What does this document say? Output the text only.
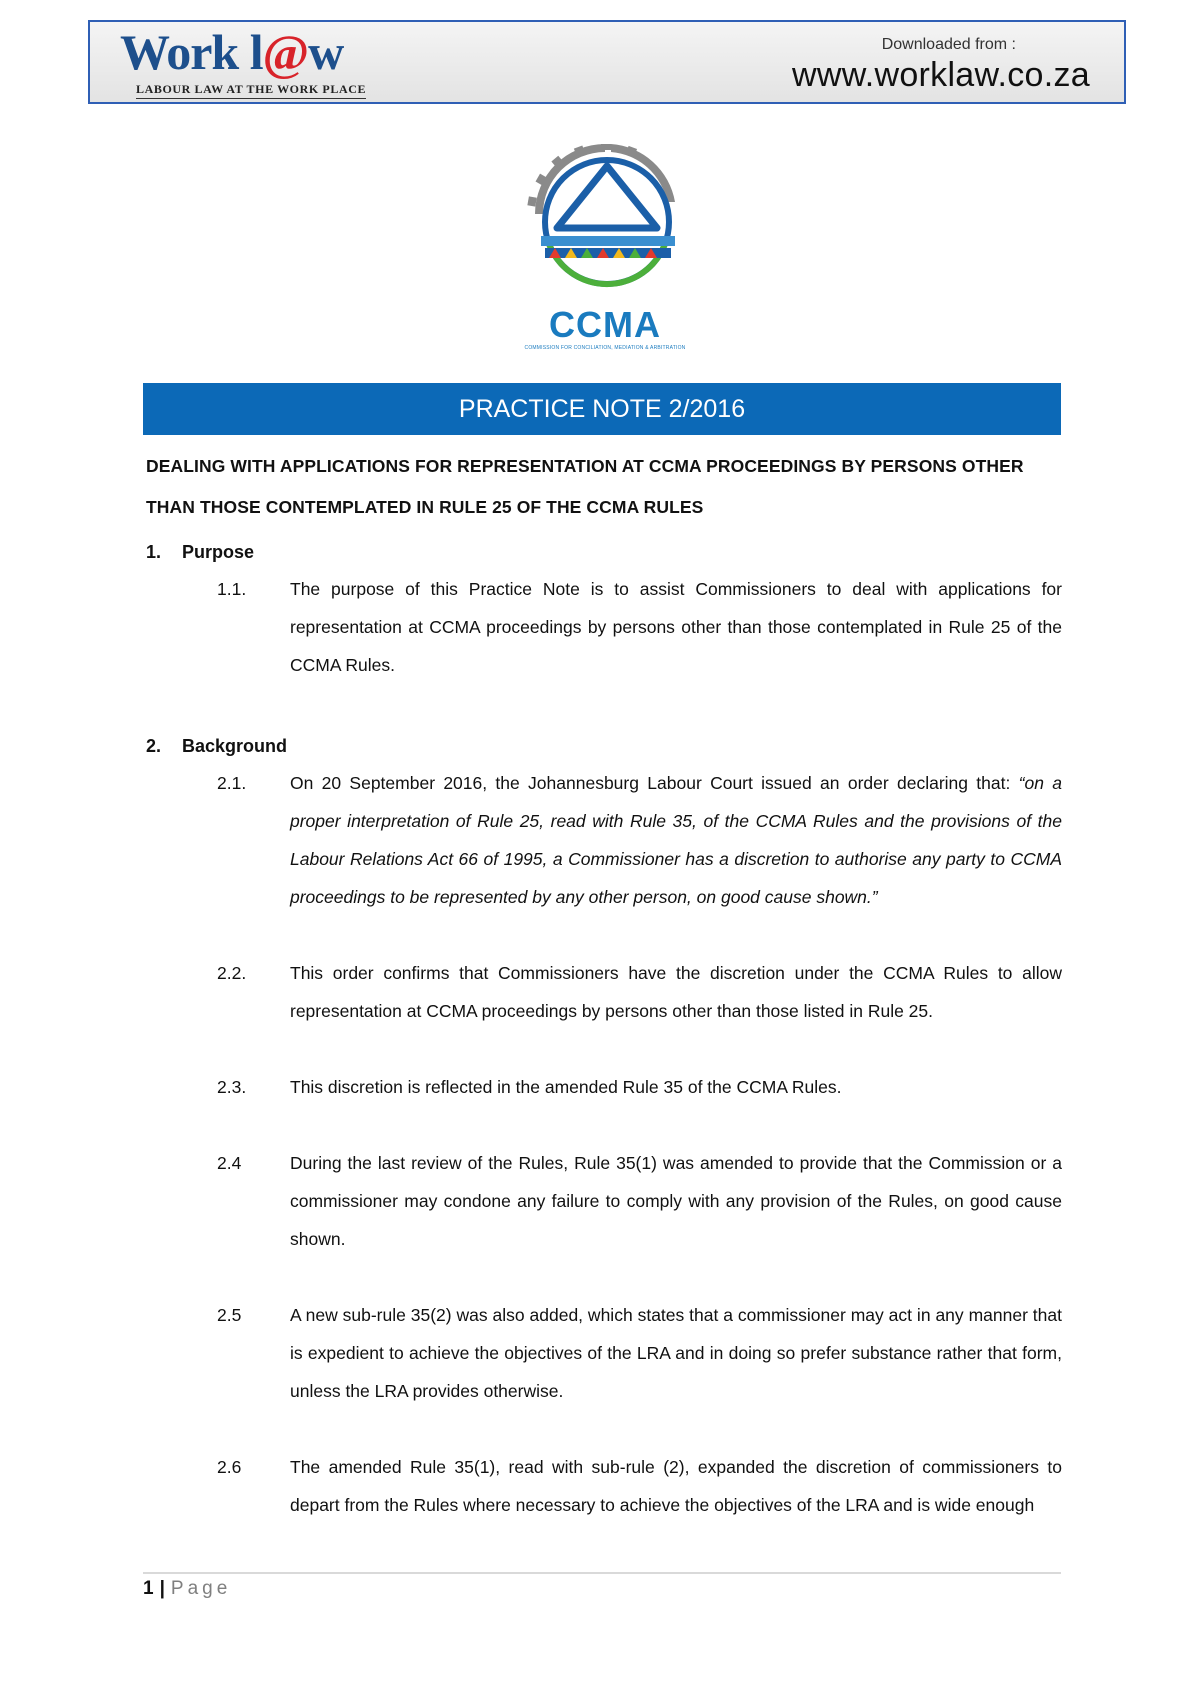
Work l@w
LABOUR LAW AT THE WORK PLACE
Downloaded from :
www.worklaw.co.za
CCMA
COMMISSION FOR CONCILIATION, MEDIATION & ARBITRATION
PRACTICE NOTE 2/2016
DEALING WITH APPLICATIONS FOR REPRESENTATION AT CCMA PROCEEDINGS BY PERSONS OTHER
THAN THOSE CONTEMPLATED IN RULE 25 OF THE CCMA RULES
1.	Purpose
1.1.	The purpose of this Practice Note is to assist Commissioners to deal with applications for representation at CCMA proceedings by persons other than those contemplated in Rule 25 of the CCMA Rules.
2.	Background
2.1.	On 20 September 2016, the Johannesburg Labour Court issued an order declaring that: “on a proper interpretation of Rule 25, read with Rule 35, of the CCMA Rules and the provisions of the Labour Relations Act 66 of 1995, a Commissioner has a discretion to authorise any party to CCMA proceedings to be represented by any other person, on good cause shown.”
2.2.	This order confirms that Commissioners have the discretion under the CCMA Rules to allow representation at CCMA proceedings by persons other than those listed in Rule 25.
2.3.	This discretion is reflected in the amended Rule 35 of the CCMA Rules.
2.4	During the last review of the Rules, Rule 35(1) was amended to provide that the Commission or a commissioner may condone any failure to comply with any provision of the Rules, on good cause shown.
2.5	A new sub-rule 35(2) was also added, which states that a commissioner may act in any manner that is expedient to achieve the objectives of the LRA and in doing so prefer substance rather that form, unless the LRA provides otherwise.
2.6	The amended Rule 35(1), read with sub-rule (2), expanded the discretion of commissioners to depart from the Rules where necessary to achieve the objectives of the LRA and is wide enough
1 | Page
